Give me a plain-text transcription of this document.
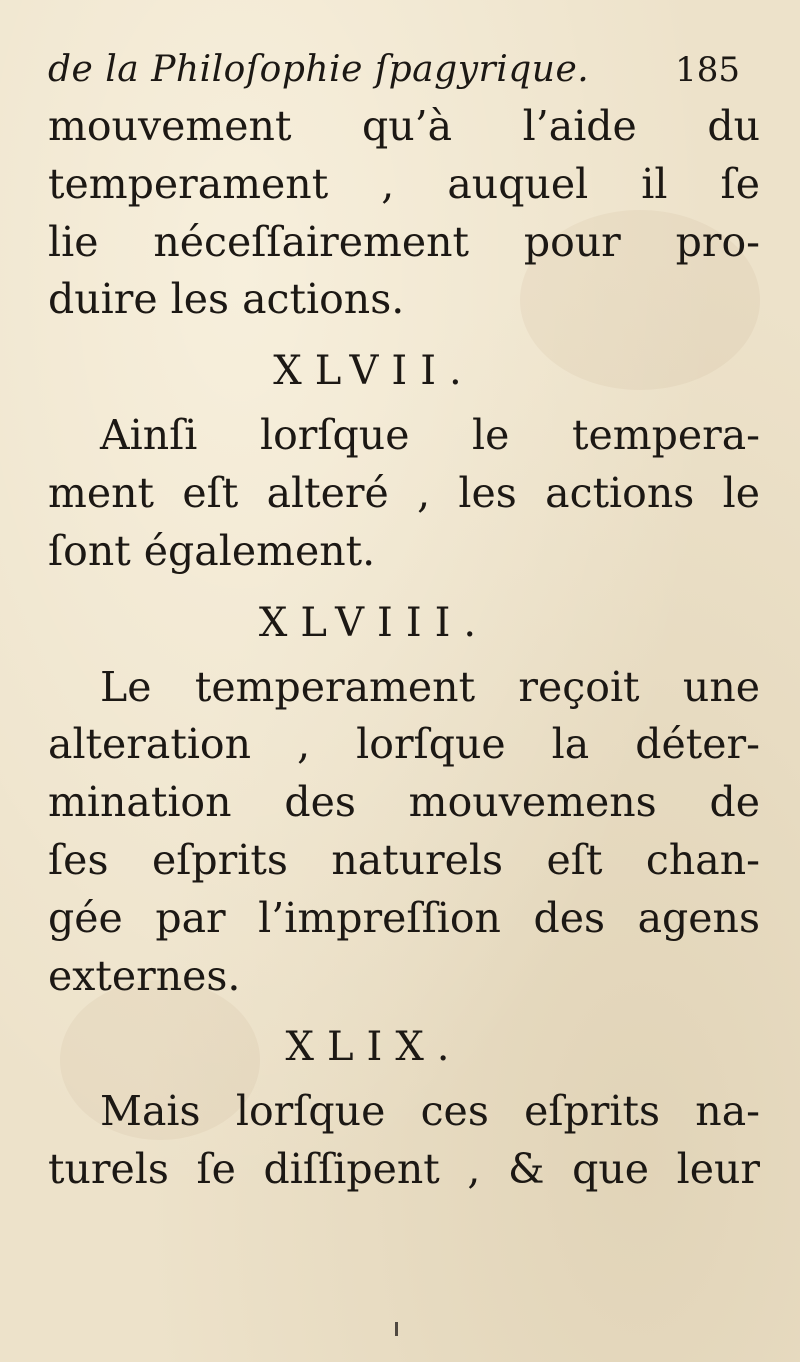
de la Philoſophie ſpagyrique.	185
mouvement qu’à l’aide du
temperament , auquel il ſe
lie néceſſairement pour pro-
duire les actions.
XLVII.
Ainſi lorſque le tempera-
ment eſt alteré , les actions le
ſont également.
XLVIII.
Le temperament reçoit une
alteration , lorſque la déter-
mination des mouvemens de
ſes eſprits naturels eſt chan-
gée par l’impreſſion des agens
externes.
XLIX.
Mais lorſque ces eſprits na-
turels ſe diſſipent , & que leur
